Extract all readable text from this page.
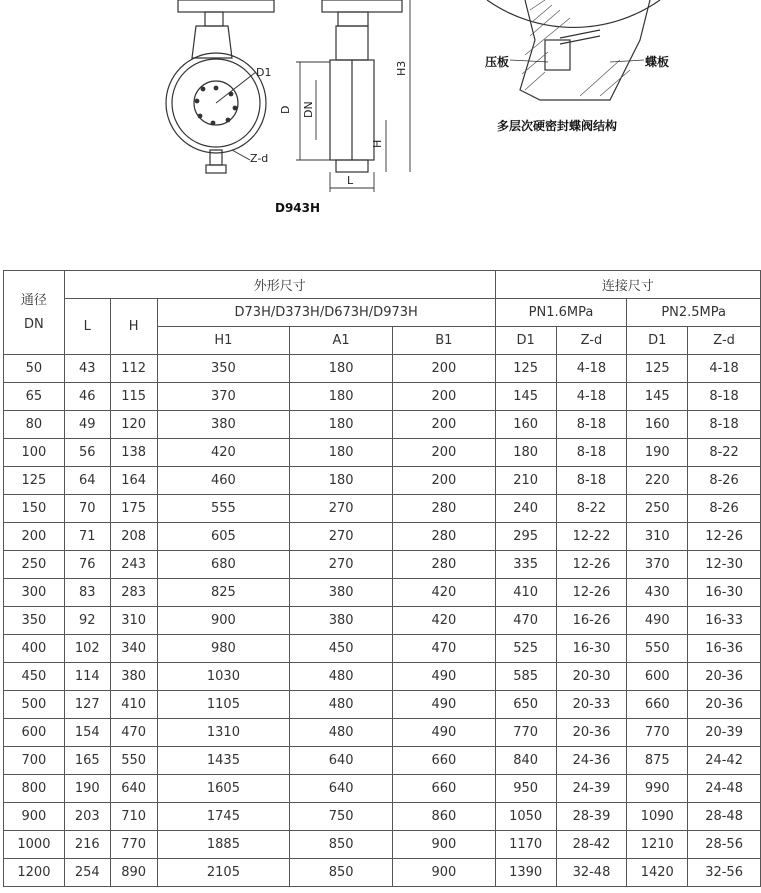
D1
Z-d
D943H
D DN
H3
H
L
压板	蝶板
多层次硬密封蝶阀结构
通径
DN	外形尺寸					连接尺寸			
	L	H	D73H/D373H/D673H/D973H			PN1.6MPa		PN2.5MPa	
			H1	A1	B1	D1	Z-d	D1	Z-d
50	43	112	350	180	200	125	4-18	125	4-18
65	46	115	370	180	200	145	4-18	145	8-18
80	49	120	380	180	200	160	8-18	160	8-18
100	56	138	420	180	200	180	8-18	190	8-22
125	64	164	460	180	200	210	8-18	220	8-26
150	70	175	555	270	280	240	8-22	250	8-26
200	71	208	605	270	280	295	12-22	310	12-26
250	76	243	680	270	280	335	12-26	370	12-30
300	83	283	825	380	420	410	12-26	430	16-30
350	92	310	900	380	420	470	16-26	490	16-33
400	102	340	980	450	470	525	16-30	550	16-36
450	114	380	1030	480	490	585	20-30	600	20-36
500	127	410	1105	480	490	650	20-33	660	20-36
600	154	470	1310	480	490	770	20-36	770	20-39
700	165	550	1435	640	660	840	24-36	875	24-42
800	190	640	1605	640	660	950	24-39	990	24-48
900	203	710	1745	750	860	1050	28-39	1090	28-48
1000	216	770	1885	850	900	1170	28-42	1210	28-56
1200	254	890	2105	850	900	1390	32-48	1420	32-56
